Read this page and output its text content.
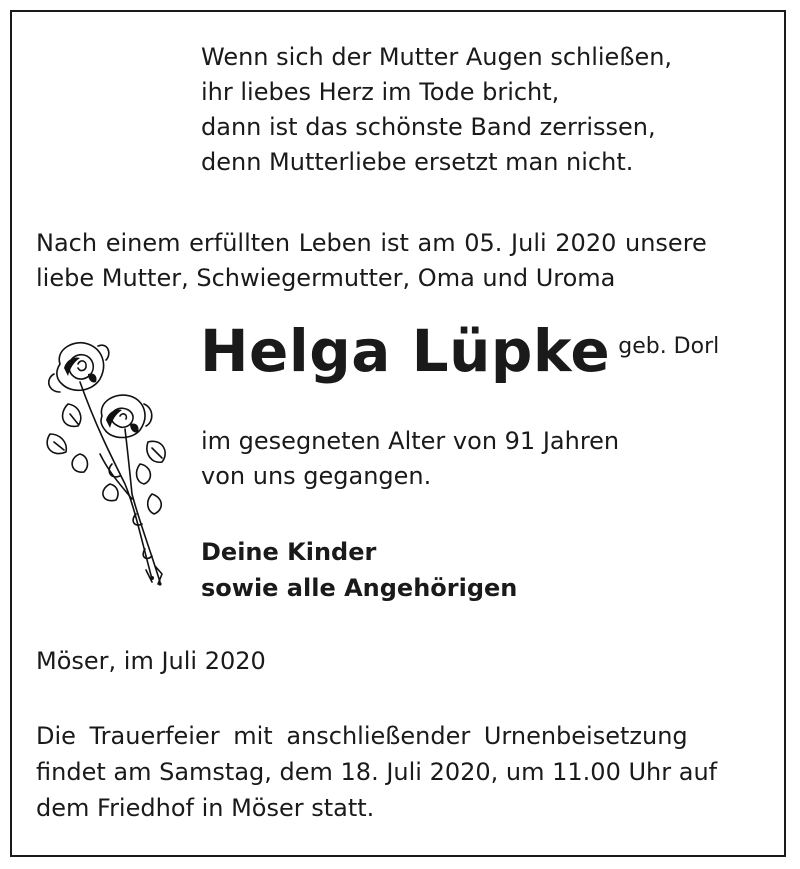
Wenn sich der Mutter Augen schließen,
ihr liebes Herz im Tode bricht,
dann ist das schönste Band zerrissen,
denn Mutterliebe ersetzt man nicht.
Nach einem erfüllten Leben ist am 05. Juli 2020 unsere
liebe Mutter, Schwiegermutter, Oma und Uroma
Helga Lüpke geb. Dorl
im gesegneten Alter von 91 Jahren
von uns gegangen.
Deine Kinder
sowie alle Angehörigen
Möser, im Juli 2020
Die Trauerfeier mit anschließender Urnenbeisetzung
findet am Samstag, dem 18. Juli 2020, um 11.00 Uhr auf
dem Friedhof in Möser statt.
